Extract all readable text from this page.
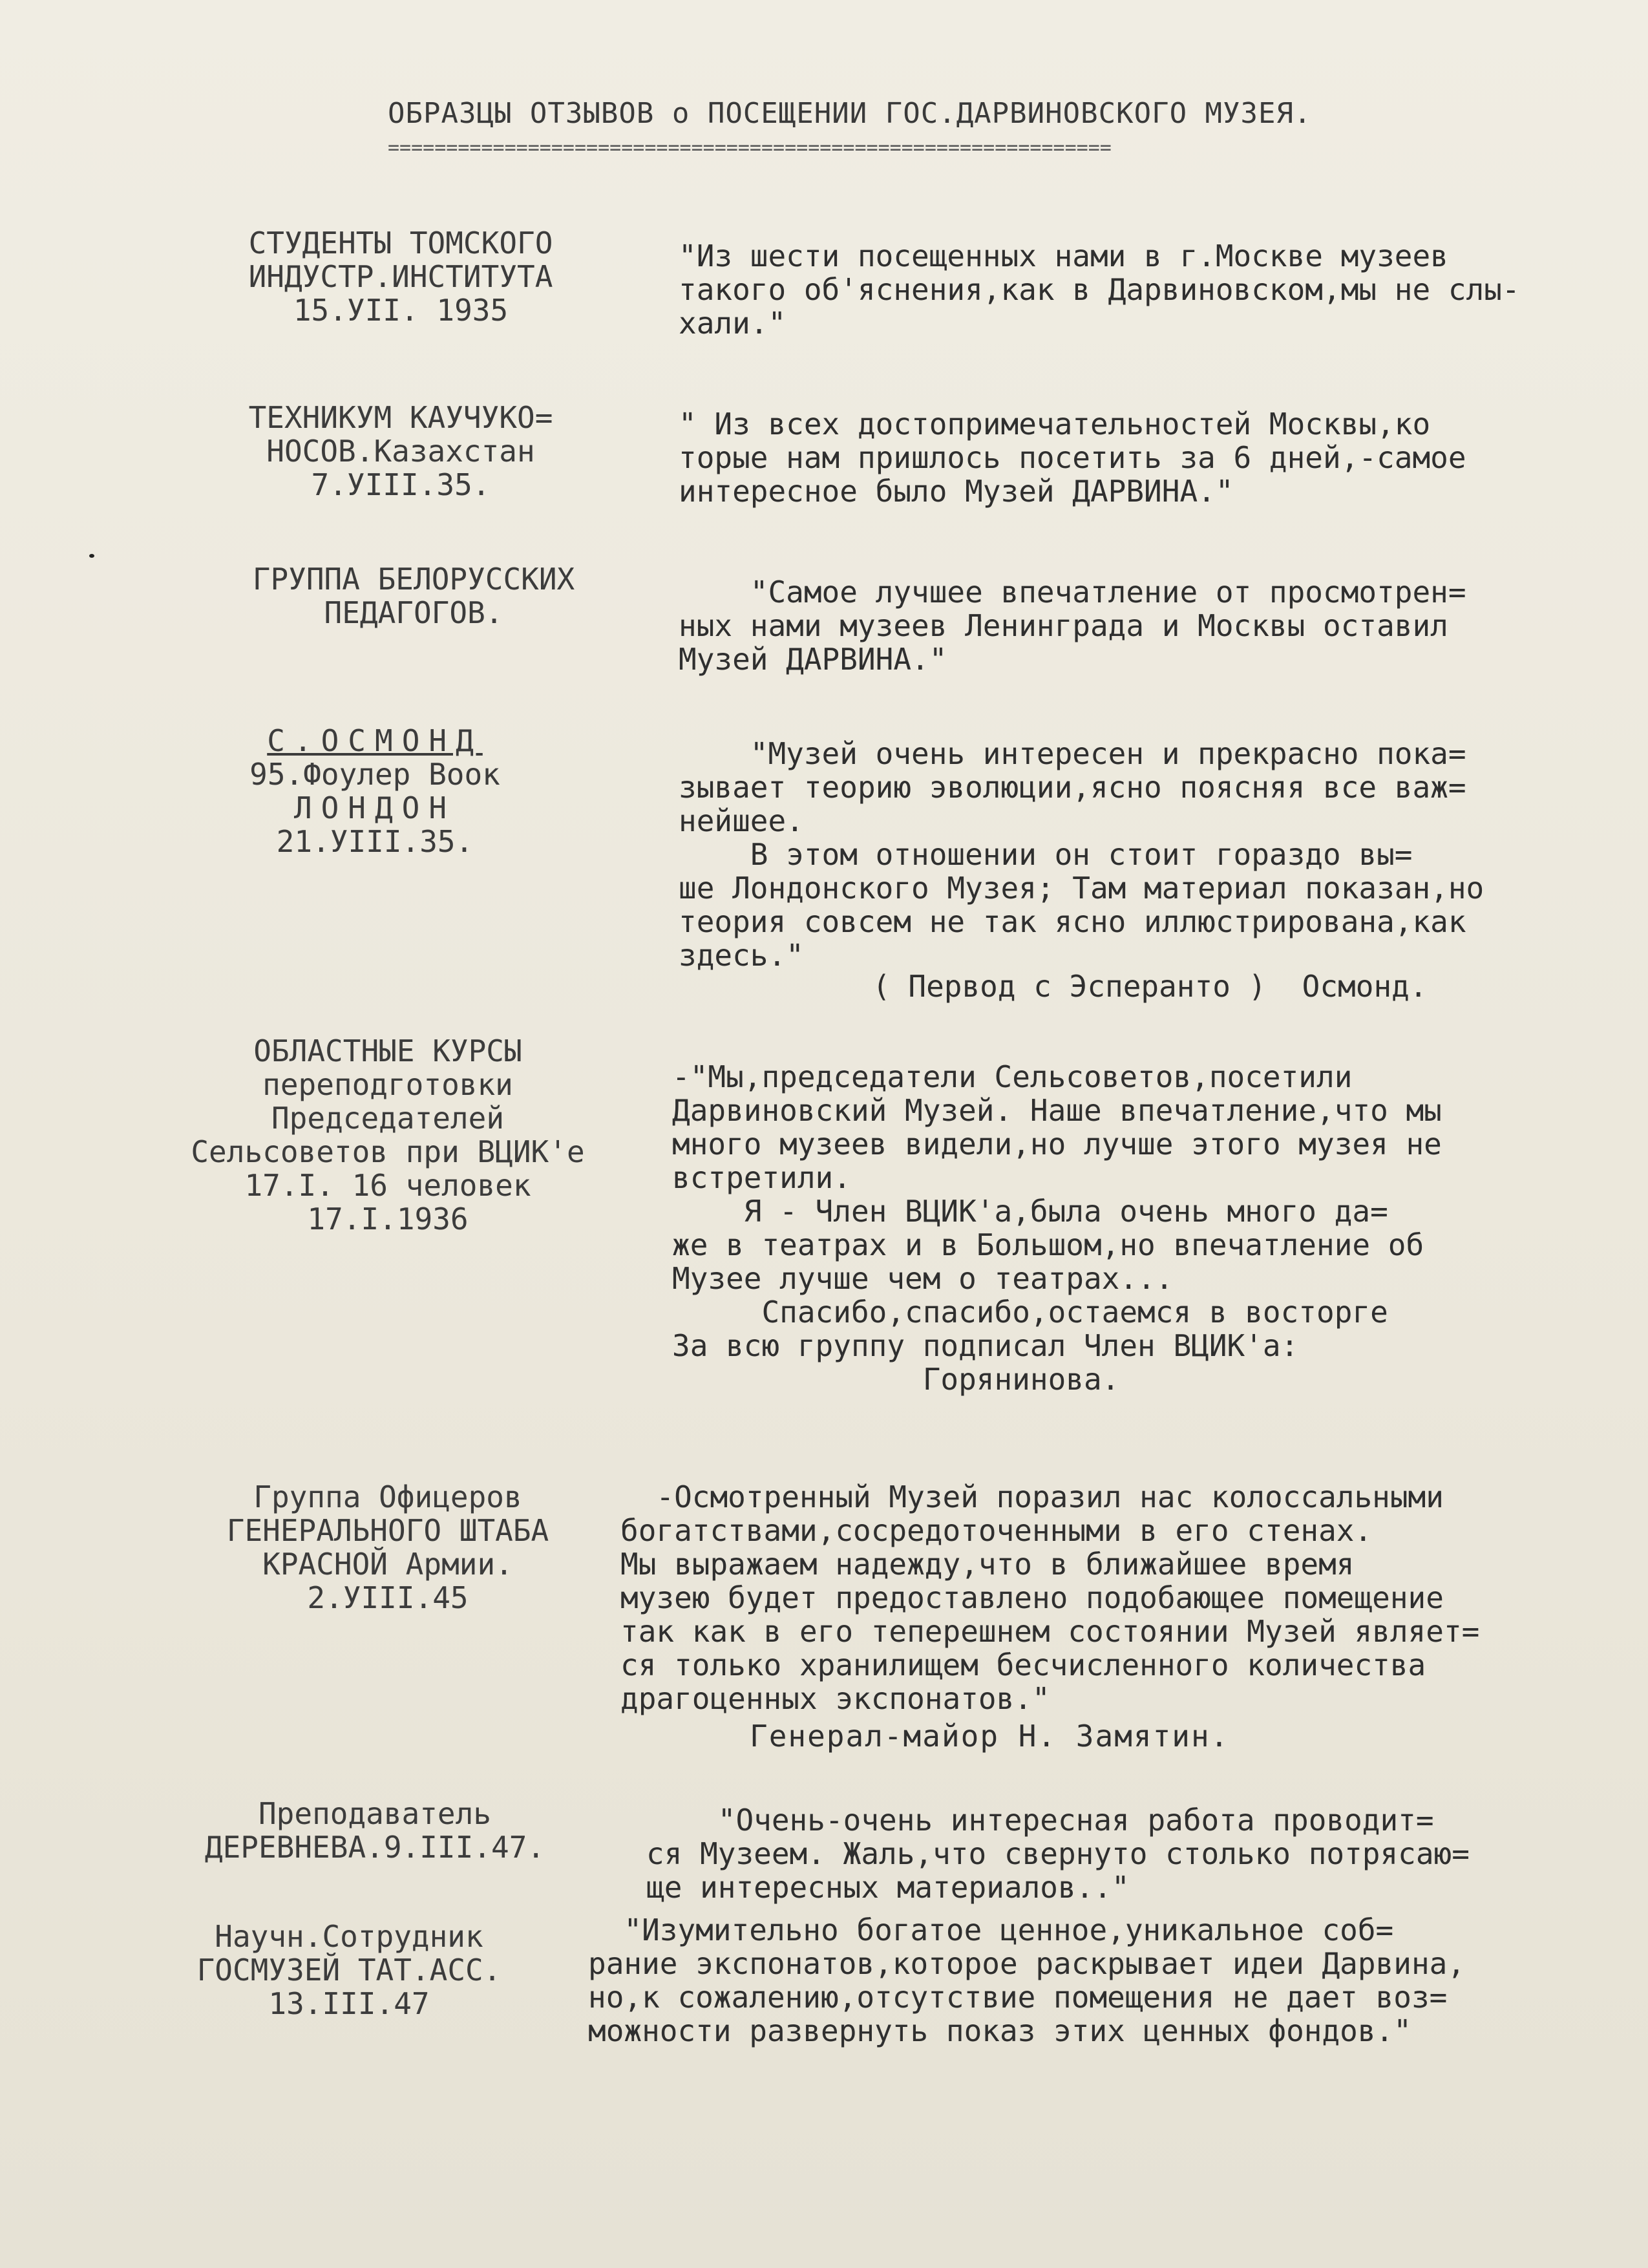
ОБРАЗЦЫ ОТЗЫВОВ о ПОСЕЩЕНИИ ГОС.ДАРВИНОВСКОГО МУЗЕЯ.
==============================================================
СТУДЕНТЫ ТОМСКОГО
ИНДУСТР.ИНСТИТУТА
15.УII. 1935
"Из шести посещенных нами в г.Москве музеев
такого об'яснения,как в Дарвиновском,мы не слы-
хали."
ТЕХНИКУМ КАУЧУКО=
НОСОВ.Казахстан
7.УIII.35.
" Из всех достопримечательностей Москвы,ко
торые нам пришлось посетить за 6 дней,-самое
интересное было Музей ДАРВИНА."
ГРУППА БЕЛОРУССКИХ
ПЕДАГОГОВ.
"Самое лучшее впечатление от просмотрен=
ных нами музеев Ленинграда и Москвы оставил
Музей ДАРВИНА."
С.ОСМОНД
95.Фоулер Воок
ЛОНДОН
21.УIII.35.
"Музей очень интересен и прекрасно пока=
зывает теорию эволюции,ясно поясняя все важ=
нейшее.
В этом отношении он стоит гораздо вы=
ше Лондонского Музея; Там материал показан,но
теория совсем не так ясно иллюстрирована,как
здесь."
( Первод с Эсперанто )  Осмонд.
ОБЛАСТНЫЕ КУРСЫ
переподготовки
Председателей
Сельсоветов при ВЦИК'е
17.I. 16 человек
17.I.1936
-"Мы,председатели Сельсоветов,посетили
Дарвиновский Музей. Наше впечатление,что мы
много музеев видели,но лучше этого музея не
встретили.
Я - Член ВЦИК'а,была очень много да=
же в театрах и в Большом,но впечатление об
Музее лучше чем о театрах...
Спасибо,спасибо,остаемся в восторге
За всю группу подписал Член ВЦИК'а:
Горянинова.
Группа Офицеров
ГЕНЕРАЛЬНОГО ШТАБА
КРАСНОЙ Армии.
2.УIII.45
-Осмотренный Музей поразил нас колоссальными
богатствами,сосредоточенными в его стенах.
Мы выражаем надежду,что в ближайшее время
музею будет предоставлено подобающее помещение
так как в его теперешнем состоянии Музей являет=
ся только хранилищем бесчисленного количества
драгоценных экспонатов."
Генерал-майор Н. Замятин.
Преподаватель
ДЕРЕВНЕВА.9.III.47.
"Очень-очень интересная работа проводит=
ся Музеем. Жаль,что свернуто столько потрясаю=
ще интересных материалов.."
Научн.Сотрудник
ГОСМУЗЕЙ ТАТ.АСС.
13.III.47
"Изумительно богатое ценное,уникальное соб=
рание экспонатов,которое раскрывает идеи Дарвина,
но,к сожалению,отсутствие помещения не дает воз=
можности развернуть показ этих ценных фондов."
